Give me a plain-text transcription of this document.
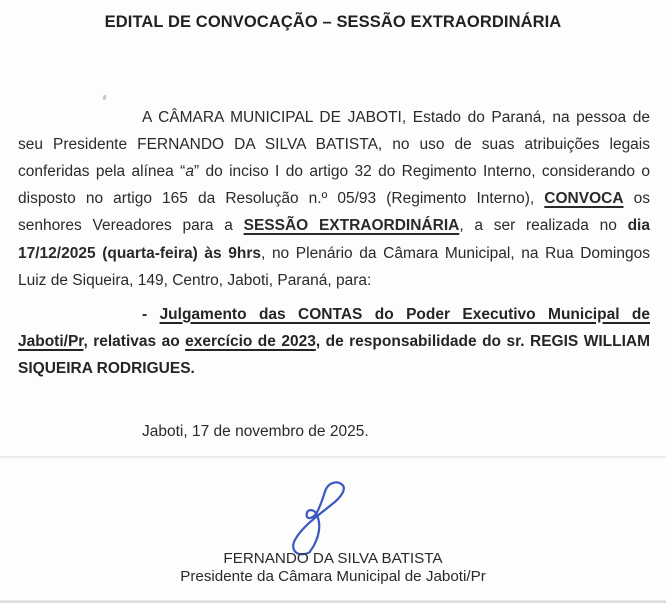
EDITAL DE CONVOCAÇÃO – SESSÃO EXTRAORDINÁRIA

A CÂMARA MUNICIPAL DE JABOTI, Estado do Paraná, na pessoa de seu Presidente FERNANDO DA SILVA BATISTA, no uso de suas atribuições legais conferidas pela alínea “a” do inciso I do artigo 32 do Regimento Interno, considerando o disposto no artigo 165 da Resolução n.º 05/93 (Regimento Interno), CONVOCA os senhores Vereadores para a SESSÃO EXTRAORDINÁRIA, a ser realizada no dia 17/12/2025 (quarta-feira) às 9hrs, no Plenário da Câmara Municipal, na Rua Domingos Luiz de Siqueira, 149, Centro, Jaboti, Paraná, para:

- Julgamento das CONTAS do Poder Executivo Municipal de Jaboti/Pr, relativas ao exercício de 2023, de responsabilidade do sr. REGIS WILLIAM SIQUEIRA RODRIGUES.

Jaboti, 17 de novembro de 2025.
FERNANDO DA SILVA BATISTA
Presidente da Câmara Municipal de Jaboti/Pr
